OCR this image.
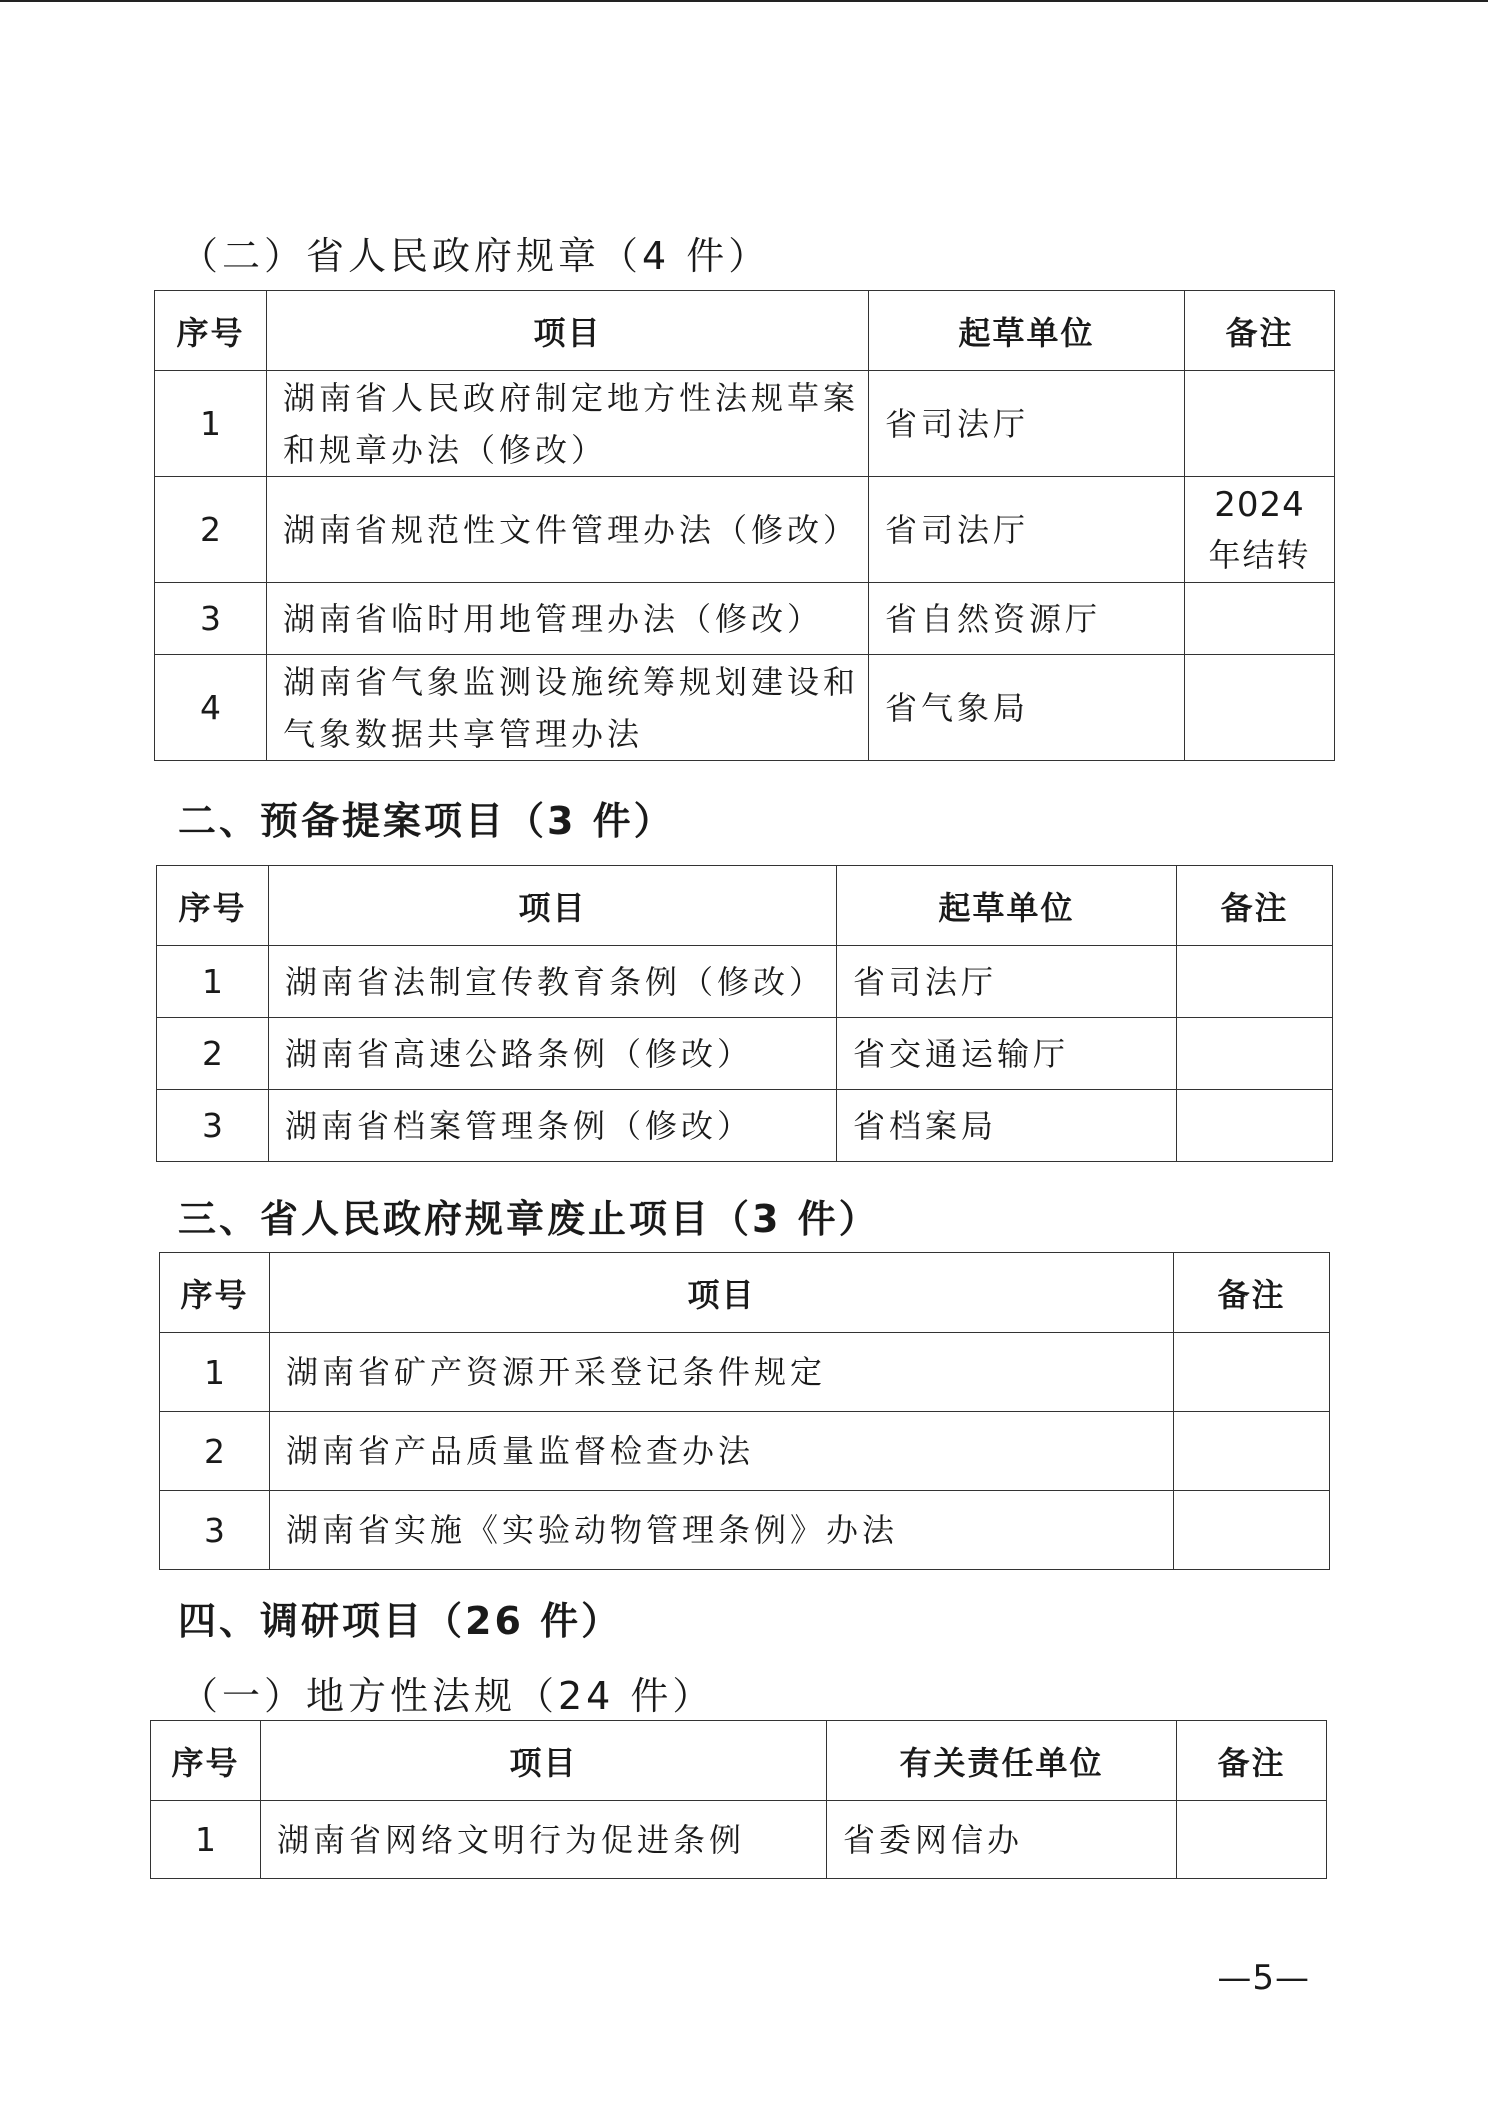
（二）省人民政府规章（4 件）
序号	项目	起草单位	备注
1	湖南省人民政府制定地方性法规草案和规章办法（修改）	省司法厅	
2	湖南省规范性文件管理办法（修改）	省司法厅	2024
年结转

3	湖南省临时用地管理办法（修改）	省自然资源厅	
4	湖南省气象监测设施统筹规划建设和气象数据共享管理办法	省气象局	
二、预备提案项目（3 件）
序号	项目	起草单位	备注
1	湖南省法制宣传教育条例（修改）	省司法厅	
2	湖南省高速公路条例（修改）	省交通运输厅	
3	湖南省档案管理条例（修改）	省档案局	
三、省人民政府规章废止项目（3 件）
序号	项目	备注
1	湖南省矿产资源开采登记条件规定	
2	湖南省产品质量监督检查办法	
3	湖南省实施《实验动物管理条例》办法	
四、调研项目（26 件）
（一）地方性法规（24 件）
序号	项目	有关责任单位	备注
1	湖南省网络文明行为促进条例	省委网信办	
—5—
